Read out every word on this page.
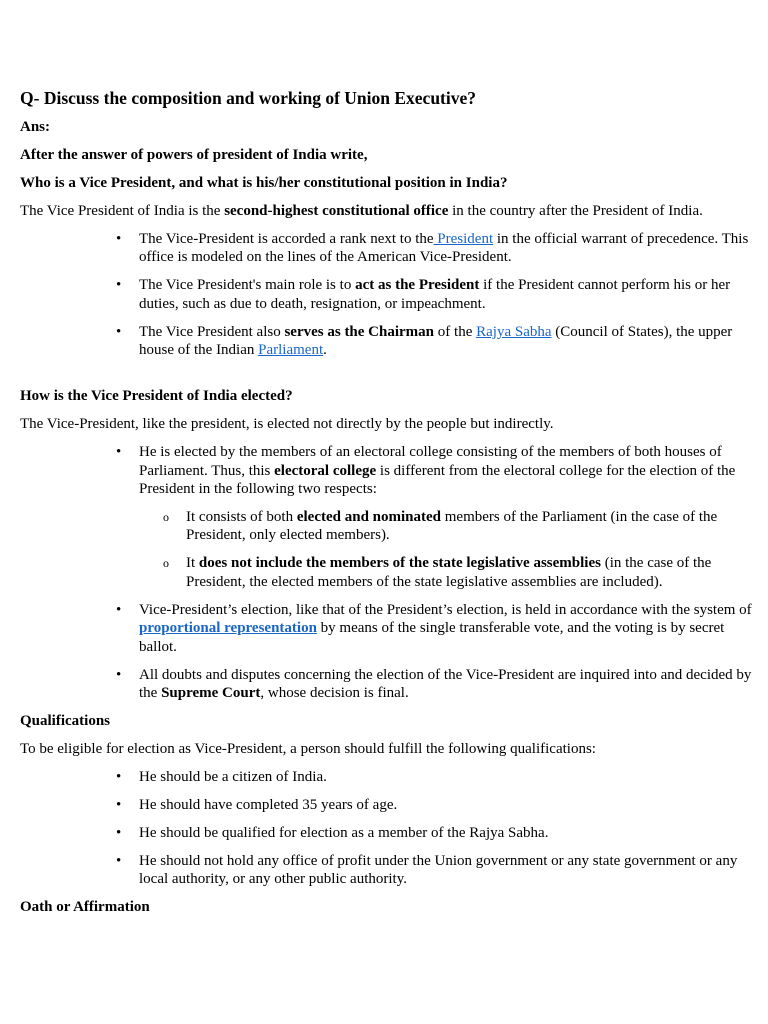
Q- Discuss the composition and working of Union Executive?

Ans:

After the answer of powers of president of India write,

Who is a Vice President, and what is his/her constitutional position in India?

The Vice President of India is the second-highest constitutional office in the country after the President of India.

• The Vice-President is accorded a rank next to the President in the official warrant of precedence. This office is modeled on the lines of the American Vice-President.
• The Vice President's main role is to act as the President if the President cannot perform his or her duties, such as due to death, resignation, or impeachment.
• The Vice President also serves as the Chairman of the Rajya Sabha (Council of States), the upper house of the Indian Parliament.

How is the Vice President of India elected?

The Vice-President, like the president, is elected not directly by the people but indirectly.

• He is elected by the members of an electoral college consisting of the members of both houses of Parliament. Thus, this electoral college is different from the electoral college for the election of the President in the following two respects:
o It consists of both elected and nominated members of the Parliament (in the case of the President, only elected members).
o It does not include the members of the state legislative assemblies (in the case of the President, the elected members of the state legislative assemblies are included).
• Vice-President’s election, like that of the President’s election, is held in accordance with the system of proportional representation by means of the single transferable vote, and the voting is by secret ballot.
• All doubts and disputes concerning the election of the Vice-President are inquired into and decided by the Supreme Court, whose decision is final.

Qualifications

To be eligible for election as Vice-President, a person should fulfill the following qualifications:

• He should be a citizen of India.
• He should have completed 35 years of age.
• He should be qualified for election as a member of the Rajya Sabha.
• He should not hold any office of profit under the Union government or any state government or any local authority, or any other public authority.

Oath or Affirmation
